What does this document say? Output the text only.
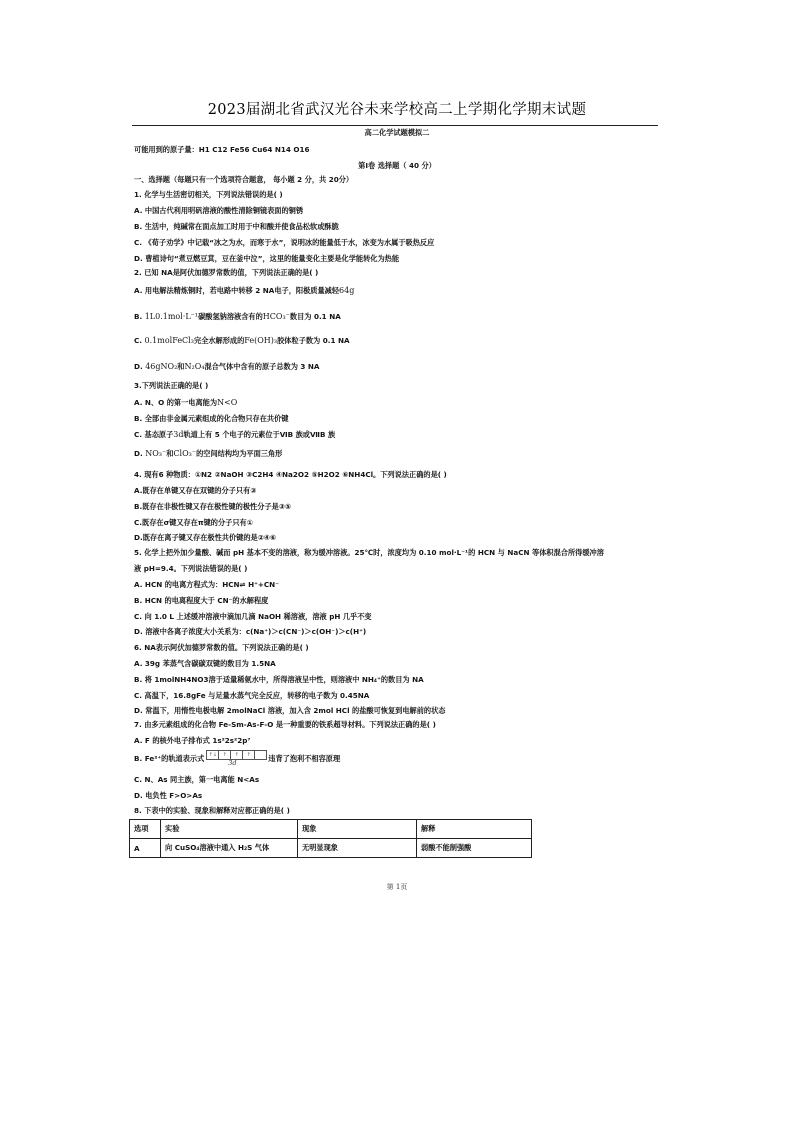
2023届湖北省武汉光谷未来学校高二上学期化学期末试题
高二化学试题模拟二
可能用到的原子量：H1 C12 Fe56 Cu64 N14 O16
第Ⅰ卷 选择题（ 40 分）
一、选择题（每题只有一个选项符合题意， 每小题 2 分，共 20分）
1. 化学与生活密切相关，下列说法错误的是( )
A. 中国古代利用明矾溶液的酸性清除铜镜表面的铜锈
B. 生活中，纯碱常在面点加工时用于中和酸并使食品松软或酥脆
C. 《荀子劝学》中记载“冰之为水，而寒于水”，说明冰的能量低于水，冰变为水属于吸热反应
D. 曹植诗句“煮豆燃豆萁，豆在釜中泣”，这里的能量变化主要是化学能转化为热能
2. 已知 NA是阿伏加德罗常数的值，下列说法正确的是( )
A. 用电解法精炼铜时，若电路中转移 2 NA电子，阳极质量减轻64g
B. 1L0.1mol·L⁻¹碳酸氢钠溶液含有的HCO₃⁻数目为 0.1 NA
C. 0.1molFeCl₃完全水解形成的Fe(OH)₃胶体粒子数为 0.1 NA
D. 46gNO₂和N₂O₄混合气体中含有的原子总数为 3 NA
3.下列说法正确的是( )
A. N、O 的第一电离能为N<O
B. 全部由非金属元素组成的化合物只存在共价键
C. 基态原子3d轨道上有 5 个电子的元素位于ⅥB 族或ⅦB 族
D. NO₃⁻和ClO₃⁻的空间结构均为平面三角形
4. 现有6 种物质：①N2 ②NaOH ③C2H4 ④Na2O2 ⑤H2O2 ⑥NH4Cl。下列说法正确的是( )
A.既存在单键又存在双键的分子只有③
B.既存在非极性键又存在极性键的极性分子是③⑤
C.既存在σ键又存在π键的分子只有①
D.既存在离子键又存在极性共价键的是②④⑥
5. 化学上把外加少量酸、碱而 pH 基本不变的溶液，称为缓冲溶液。25℃时，浓度均为 0.10 mol·L⁻¹的 HCN 与 NaCN 等体积混合所得缓冲溶
液 pH=9.4。下列说法错误的是( )
A. HCN 的电离方程式为：HCN⇌ H⁺+CN⁻
B. HCN 的电离程度大于 CN⁻的水解程度
C. 向 1.0 L 上述缓冲溶液中滴加几滴 NaOH 稀溶液，溶液 pH 几乎不变
D. 溶液中各离子浓度大小关系为：c(Na⁺)＞c(CN⁻)＞c(OH⁻)＞c(H⁺)
6. NA表示阿伏加德罗常数的值。下列说法正确的是( )
A. 39g 苯蒸气含碳碳双键的数目为 1.5NA
B. 将 1molNH4NO3溶于适量稀氨水中，所得溶液呈中性，则溶液中 NH₄⁺的数目为 NA
C. 高温下，16.8gFe 与足量水蒸气完全反应，转移的电子数为 0.45NA
D. 常温下，用惰性电极电解 2molNaCl 溶液，加入含 2mol HCl 的盐酸可恢复到电解前的状态
7. 由多元素组成的化合物 Fe-Sm-As-F-O 是一种重要的铁系超导材料。下列说法正确的是( )
A. F 的核外电子排布式 1s²2s²2p⁷
B. Fe²⁺的轨道表示式 ↑↓	↑	↑	↑
3d	违背了泡利不相容原理
C. N、As 同主族，第一电离能 N<As
D. 电负性 F>O>As
8. 下表中的实验、现象和解释对应都正确的是( )
选项	实验	现象	解释
A	向 CuSO₄溶液中通入 H₂S 气体	无明显现象	弱酸不能制强酸
第 1页
